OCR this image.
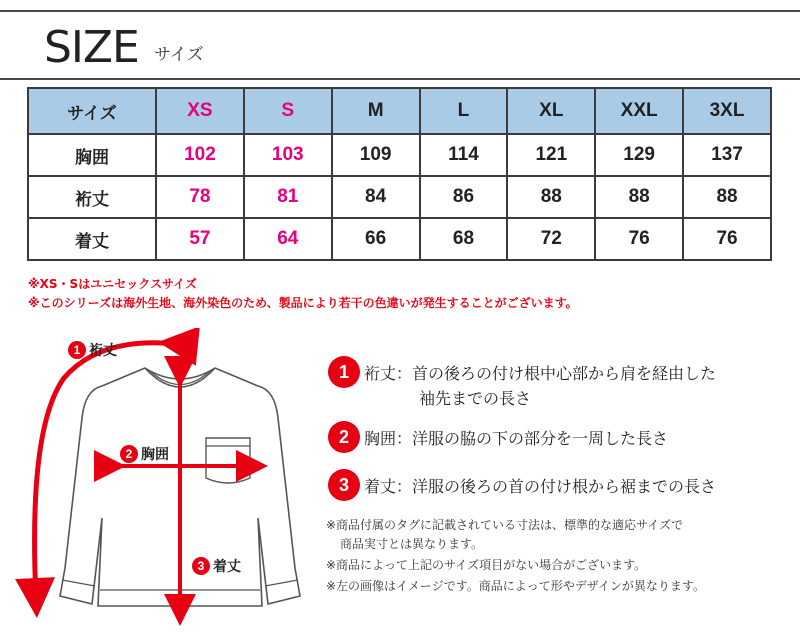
SIZE サイズ
サイズ	XS	S	M	L	XL	XXL	3XL
胸囲	102	103	109	114	121	129	137
裄丈	78	81	84	86	88	88	88
着丈	57	64	66	68	72	76	76
※XS・Sはユニセックスサイズ
※このシリーズは海外生地、海外染色のため、製品により若干の色違いが発生することがございます。
1 裄丈
2 胸囲
3 着丈
1 裄丈：首の後ろの付け根中心部から肩を経由した
袖先までの長さ
2 胸囲：洋服の脇の下の部分を一周した長さ
3 着丈：洋服の後ろの首の付け根から裾までの長さ
※商品付属のタグに記載されている寸法は、標準的な適応サイズで
商品実寸とは異なります。
※商品によって上記のサイズ項目がない場合がございます。
※左の画像はイメージです。商品によって形やデザインが異なります。
